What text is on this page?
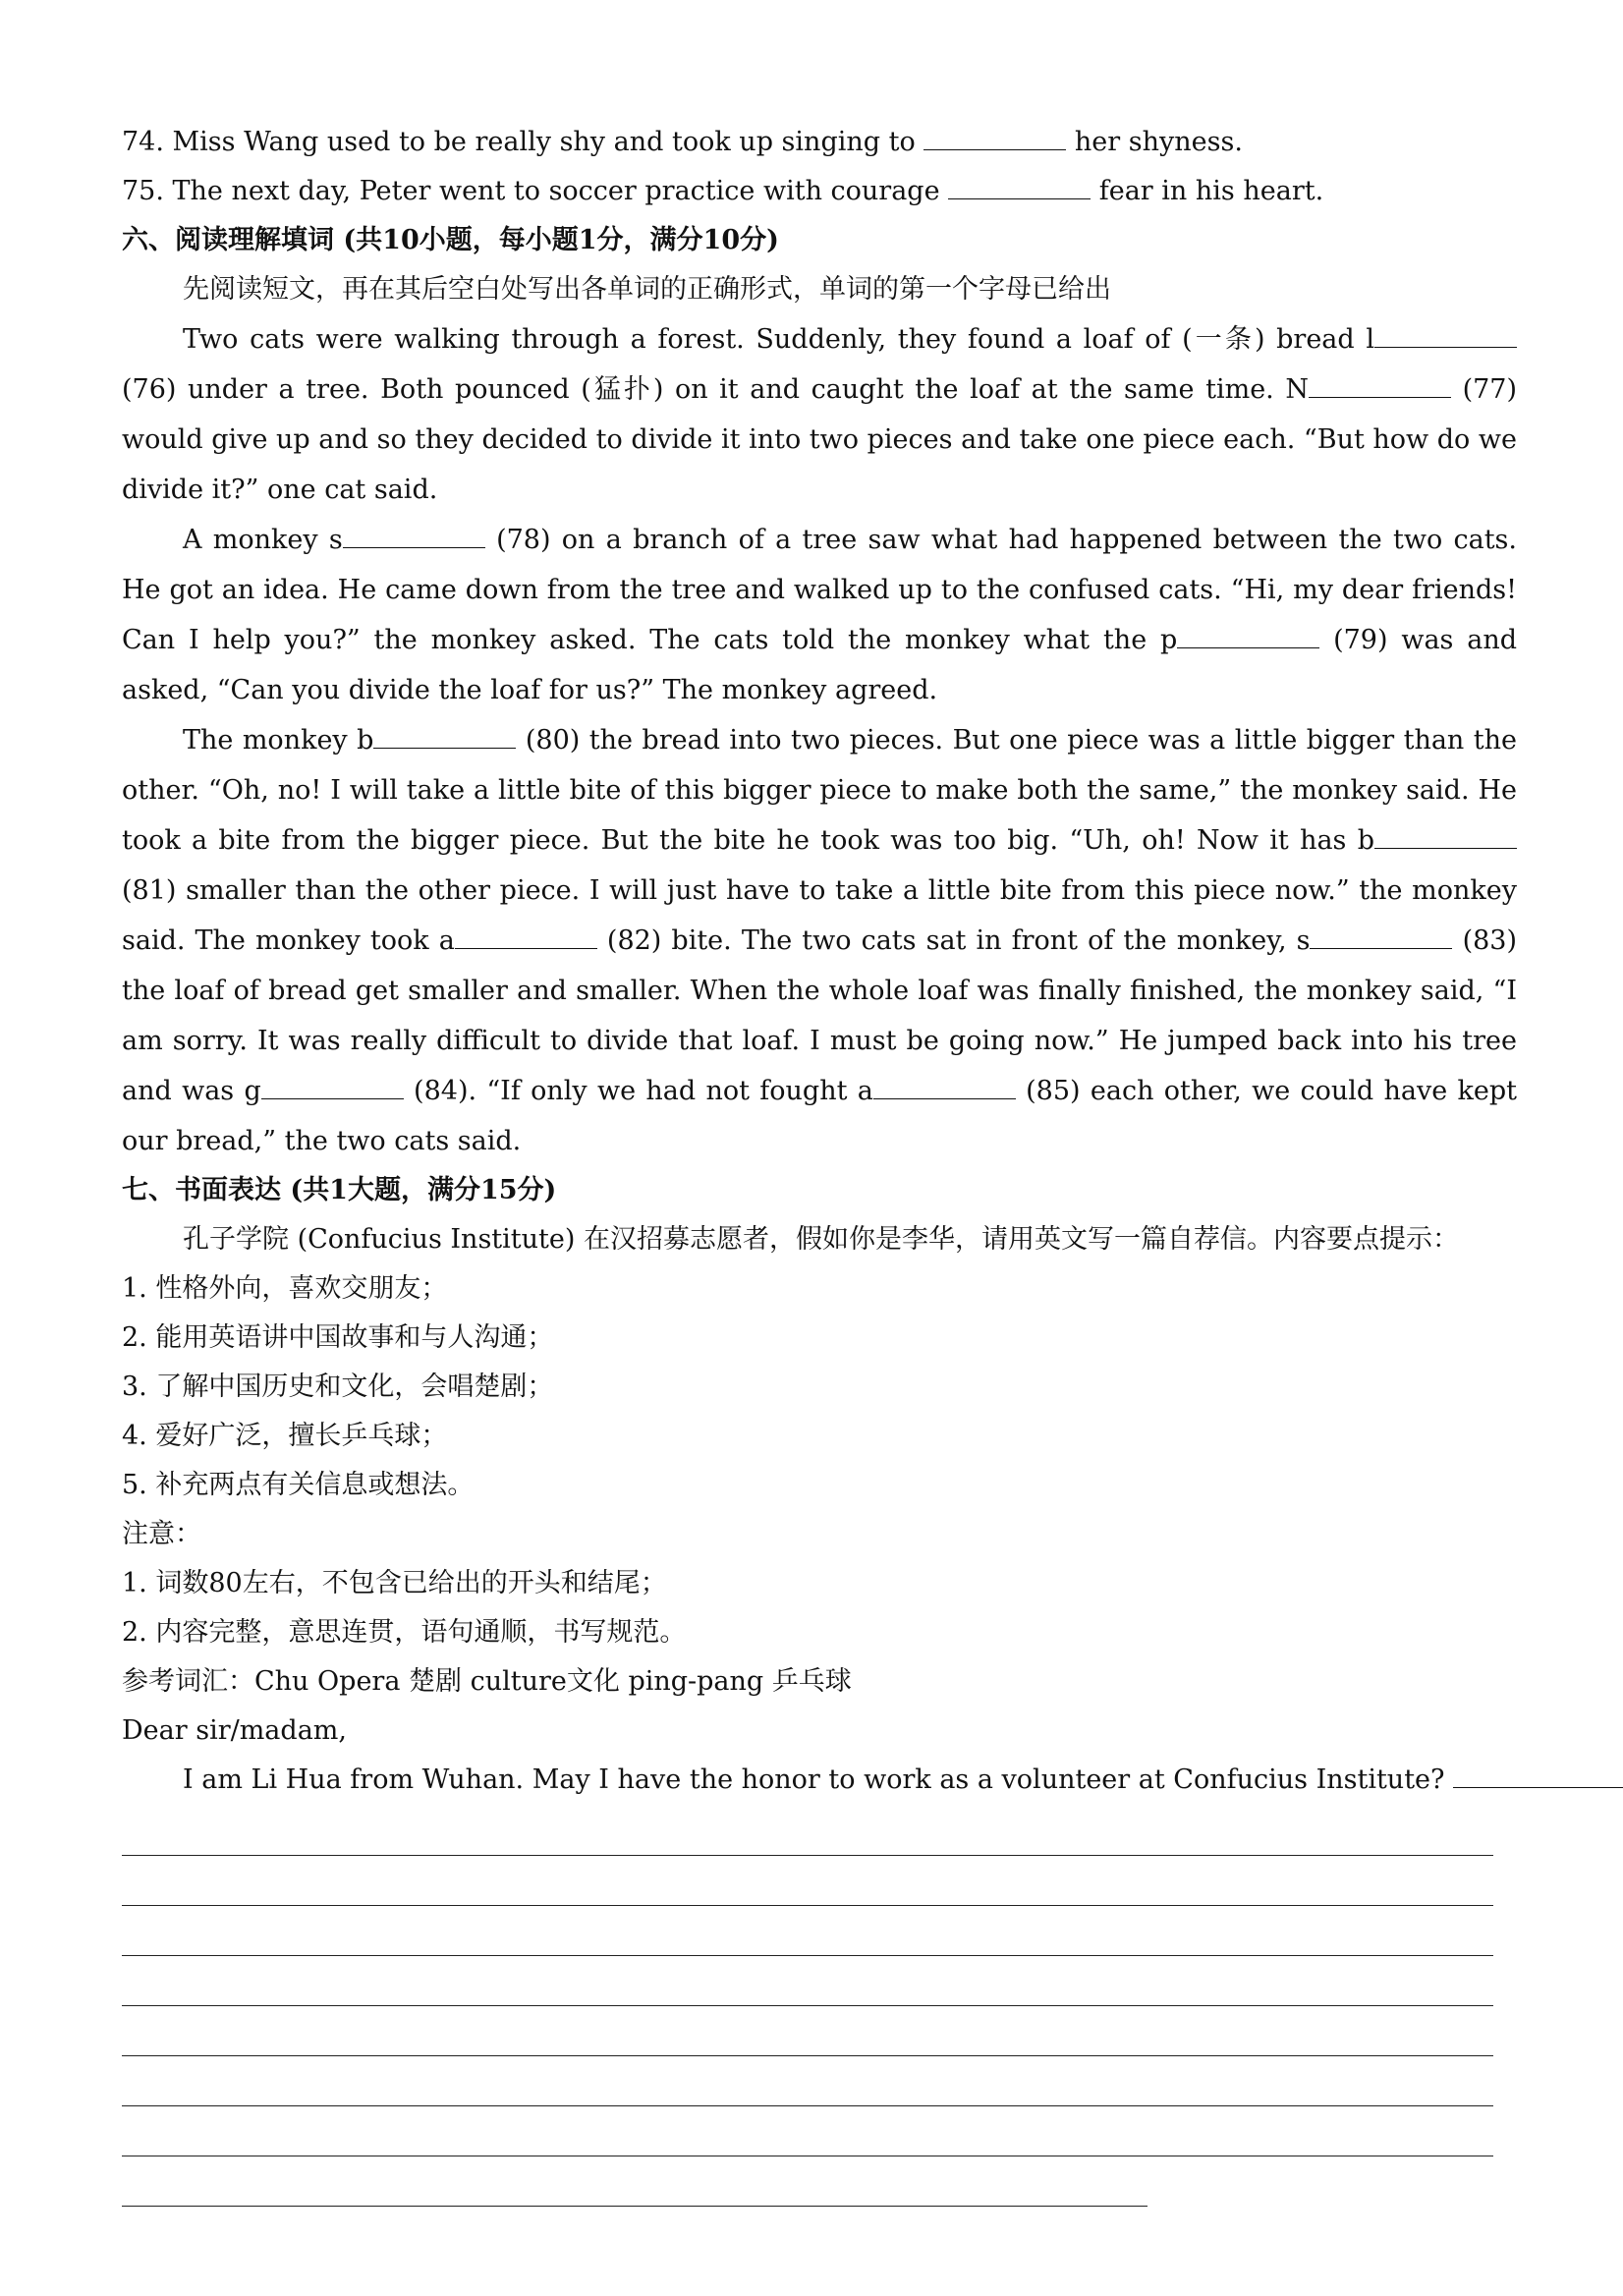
74. Miss Wang used to be really shy and took up singing to	her shyness.
75. The next day, Peter went to soccer practice with courage	fear in his heart.
六、阅读理解填词 (共10小题，每小题1分，满分10分)
先阅读短文，再在其后空白处写出各单词的正确形式，单词的第一个字母已给出

Two cats were walking through a forest. Suddenly, they found a loaf of (一条) bread l (76) under a tree. Both pounced (猛扑) on it and caught the loaf at the same time. N	(77) would give up and so they decided to divide it into two pieces and take one piece each. “But how do we divide it?” one cat said.

A monkey s	(78) on a branch of a tree saw what had happened between the two cats. He got an idea. He came down from the tree and walked up to the confused cats. “Hi, my dear friends! Can I help you?” the monkey asked. The cats told the monkey what the p	(79) was and asked, “Can you divide the loaf for us?” The monkey agreed.

The monkey b	(80) the bread into two pieces. But one piece was a little bigger than the other. “Oh, no! I will take a little bite of this bigger piece to make both the same,” the monkey said. He took a bite from the bigger piece. But the bite he took was too big. “Uh, oh! Now it has b (81) smaller than the other piece. I will just have to take a little bite from this piece now.” the monkey said. The monkey took a	(82) bite. The two cats sat in front of the monkey, s	(83) the loaf of bread get smaller and smaller. When the whole loaf was finally finished, the monkey said, “I am sorry. It was really difficult to divide that loaf. I must be going now.” He jumped back into his tree and was g	(84). “If only we had not fought a	(85) each other, we could have kept our bread,” the two cats said.

七、书面表达 (共1大题，满分15分)
孔子学院 (Confucius Institute) 在汉招募志愿者，假如你是李华，请用英文写一篇自荐信。内容要点提示：
1. 性格外向，喜欢交朋友；
2. 能用英语讲中国故事和与人沟通；
3. 了解中国历史和文化，会唱楚剧；
4. 爱好广泛，擅长乒乓球；
5. 补充两点有关信息或想法。
注意：
1. 词数80左右，不包含已给出的开头和结尾；
2. 内容完整，意思连贯，语句通顺，书写规范。
参考词汇：Chu Opera 楚剧 culture文化 ping-pang 乒乓球
Dear sir/madam,
I am Li Hua from Wuhan. May I have the honor to work as a volunteer at Confucius Institute?
